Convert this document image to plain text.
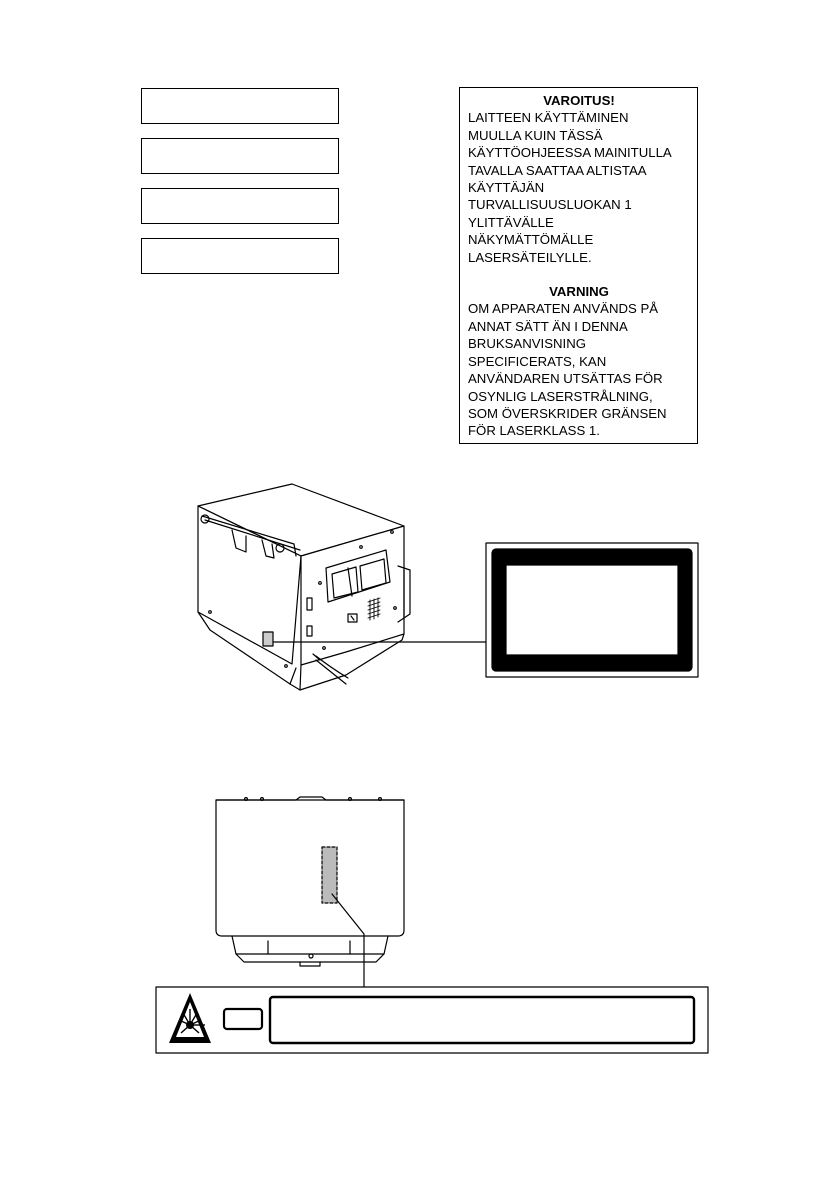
VAROITUS!
LAITTEEN KÄYTTÄMINEN
MUULLA KUIN TÄSSÄ
KÄYTTÖOHJEESSA MAINITULLA
TAVALLA SAATTAA ALTISTAA
KÄYTTÄJÄN
TURVALLISUUSLUOKAN 1
YLITTÄVÄLLE
NÄKYMÄTTÖMÄLLE
LASERSÄTEILYLLE.
VARNING
OM APPARATEN ANVÄNDS PÅ
ANNAT SÄTT ÄN I DENNA
BRUKSANVISNING
SPECIFICERATS, KAN
ANVÄNDAREN UTSÄTTAS FÖR
OSYNLIG LASERSTRÅLNING,
SOM ÖVERSKRIDER GRÄNSEN
FÖR LASERKLASS 1.
